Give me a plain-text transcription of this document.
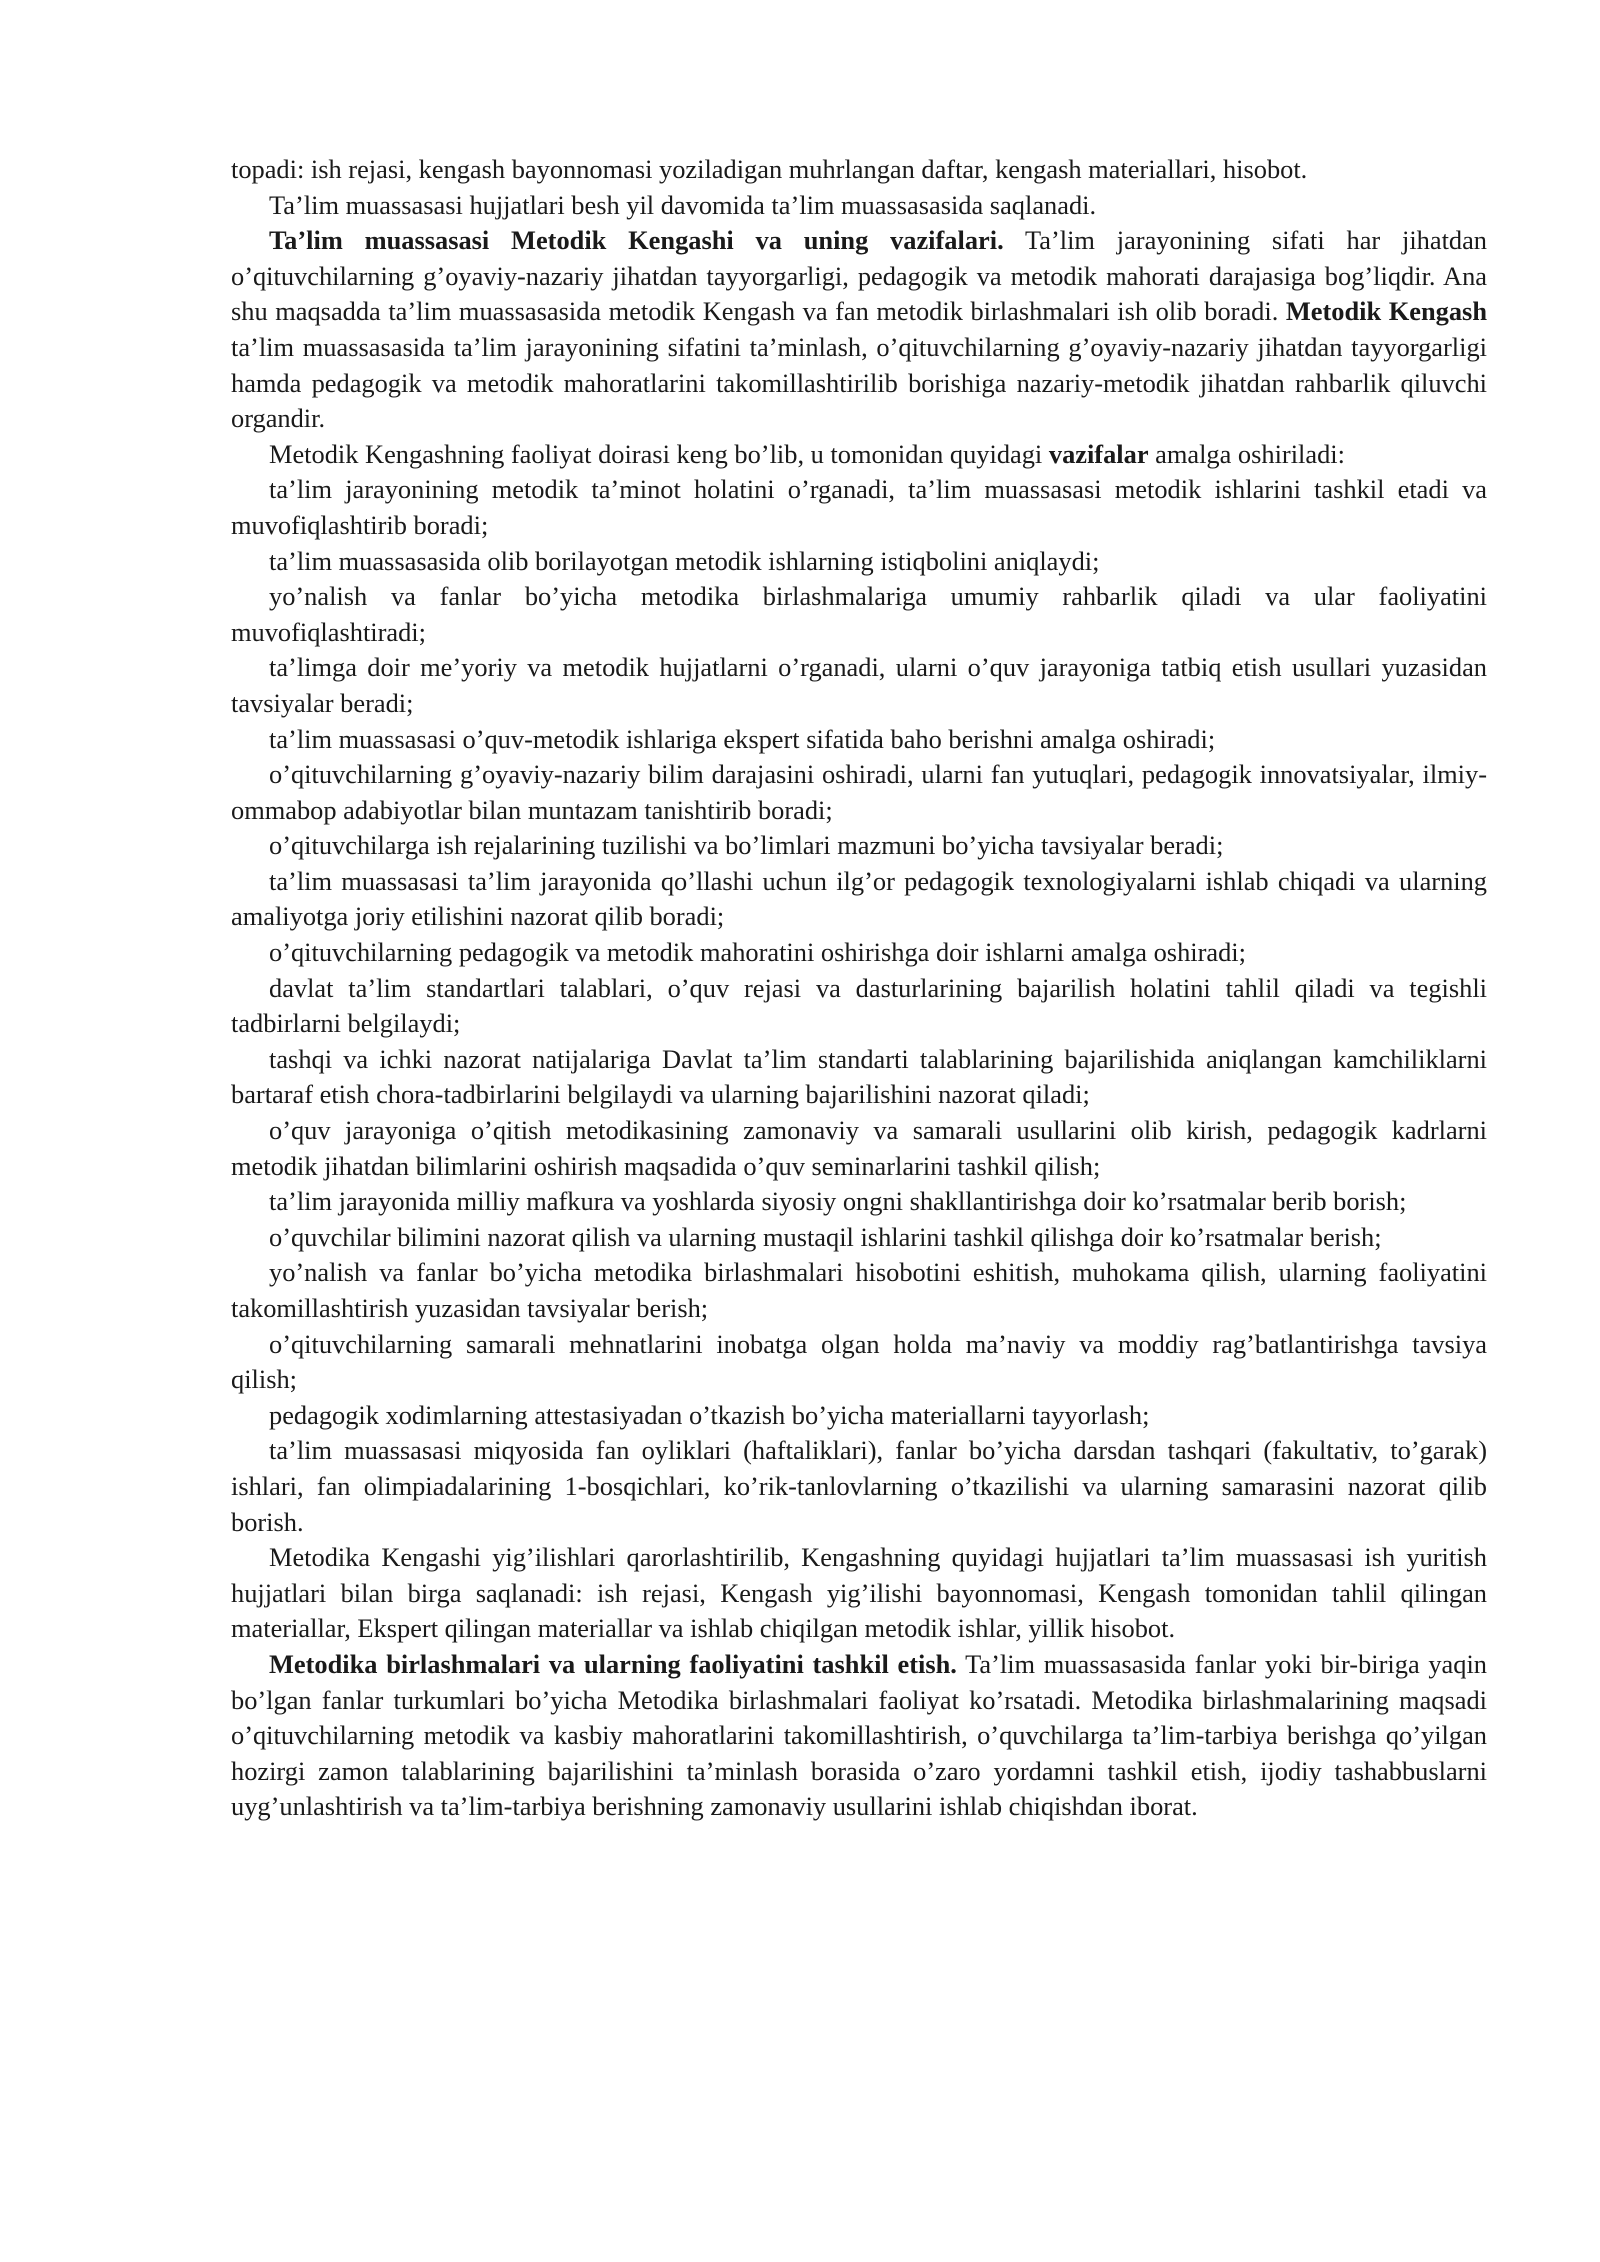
topadi: ish rejasi, kengash bayonnomasi yoziladigan muhrlangan daftar, kengash materiallari, hisobot.

Ta’lim muassasasi hujjatlari besh yil davomida ta’lim muassasasida saqlanadi.

Ta’lim muassasasi Metodik Kengashi va uning vazifalari. Ta’lim jarayonining sifati har jihatdan o’qituvchilarning g’oyaviy-nazariy jihatdan tayyorgarligi, pedagogik va metodik mahorati darajasiga bog’liqdir. Ana shu maqsadda ta’lim muassasasida metodik Kengash va fan metodik birlashmalari ish olib boradi. Metodik Kengash ta’lim muassasasida ta’lim jarayonining sifatini ta’minlash, o’qituvchilarning g’oyaviy-nazariy jihatdan tayyorgarligi hamda pedagogik va metodik mahoratlarini takomillashtirilib borishiga nazariy-metodik jihatdan rahbarlik qiluvchi organdir.

Metodik Kengashning faoliyat doirasi keng bo’lib, u tomonidan quyidagi vazifalar amalga oshiriladi:

ta’lim jarayonining metodik ta’minot holatini o’rganadi, ta’lim muassasasi metodik ishlarini tashkil etadi va muvofiqlashtirib boradi;

ta’lim muassasasida olib borilayotgan metodik ishlarning istiqbolini aniqlaydi;

yo’nalish va fanlar bo’yicha metodika birlashmalariga umumiy rahbarlik qiladi va ular faoliyatini muvofiqlashtiradi;

ta’limga doir me’yoriy va metodik hujjatlarni o’rganadi, ularni o’quv jarayoniga tatbiq etish usullari yuzasidan tavsiyalar beradi;

ta’lim muassasasi o’quv-metodik ishlariga ekspert sifatida baho berishni amalga oshiradi;

o’qituvchilarning g’oyaviy-nazariy bilim darajasini oshiradi, ularni fan yutuqlari, pedagogik innovatsiyalar, ilmiy-ommabop adabiyotlar bilan muntazam tanishtirib boradi;

o’qituvchilarga ish rejalarining tuzilishi va bo’limlari mazmuni bo’yicha tavsiyalar beradi;

ta’lim muassasasi ta’lim jarayonida qo’llashi uchun ilg’or pedagogik texnologiyalarni ishlab chiqadi va ularning amaliyotga joriy etilishini nazorat qilib boradi;

o’qituvchilarning pedagogik va metodik mahoratini oshirishga doir ishlarni amalga oshiradi;

davlat ta’lim standartlari talablari, o’quv rejasi va dasturlarining bajarilish holatini tahlil qiladi va tegishli tadbirlarni belgilaydi;

tashqi va ichki nazorat natijalariga Davlat ta’lim standarti talablarining bajarilishida aniqlangan kamchiliklarni bartaraf etish chora-tadbirlarini belgilaydi va ularning bajarilishini nazorat qiladi;

o’quv jarayoniga o’qitish metodikasining zamonaviy va samarali usullarini olib kirish, pedagogik kadrlarni metodik jihatdan bilimlarini oshirish maqsadida o’quv seminarlarini tashkil qilish;

ta’lim jarayonida milliy mafkura va yoshlarda siyosiy ongni shakllantirishga doir ko’rsatmalar berib borish;

o’quvchilar bilimini nazorat qilish va ularning mustaqil ishlarini tashkil qilishga doir ko’rsatmalar berish;

yo’nalish va fanlar bo’yicha metodika birlashmalari hisobotini eshitish, muhokama qilish, ularning faoliyatini takomillashtirish yuzasidan tavsiyalar berish;

o’qituvchilarning samarali mehnatlarini inobatga olgan holda ma’naviy va moddiy rag’batlantirishga tavsiya qilish;

pedagogik xodimlarning attestasiyadan o’tkazish bo’yicha materiallarni tayyorlash;

ta’lim muassasasi miqyosida fan oyliklari (haftaliklari), fanlar bo’yicha darsdan tashqari (fakultativ, to’garak) ishlari, fan olimpiadalarining 1-bosqichlari, ko’rik-tanlovlarning o’tkazilishi va ularning samarasini nazorat qilib borish.

Metodika Kengashi yig’ilishlari qarorlashtirilib, Kengashning quyidagi hujjatlari ta’lim muassasasi ish yuritish hujjatlari bilan birga saqlanadi: ish rejasi, Kengash yig’ilishi bayonnomasi, Kengash tomonidan tahlil qilingan materiallar, Ekspert qilingan materiallar va ishlab chiqilgan metodik ishlar, yillik hisobot.

Metodika birlashmalari va ularning faoliyatini tashkil etish. Ta’lim muassasasida fanlar yoki bir-biriga yaqin bo’lgan fanlar turkumlari bo’yicha Metodika birlashmalari faoliyat ko’rsatadi. Metodika birlashmalarining maqsadi o’qituvchilarning metodik va kasbiy mahoratlarini takomillashtirish, o’quvchilarga ta’lim-tarbiya berishga qo’yilgan hozirgi zamon talablarining bajarilishini ta’minlash borasida o’zaro yordamni tashkil etish, ijodiy tashabbuslarni uyg’unlashtirish va ta’lim-tarbiya berishning zamonaviy usullarini ishlab chiqishdan iborat.
